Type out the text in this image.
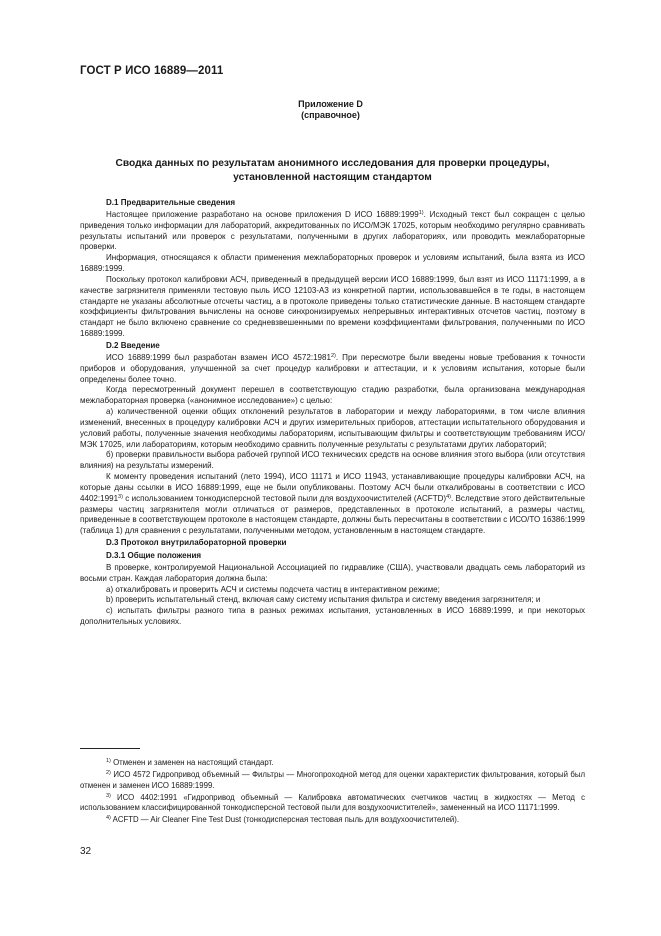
ГОСТ Р ИСО 16889—2011
Приложение D
(справочное)
Сводка данных по результатам анонимного исследования для проверки процедуры,
установленной настоящим стандартом

D.1 Предварительные сведения

Настоящее приложение разработано на основе приложения D ИСО 16889:1999$^{1)}$. Исходный текст был сокращен с целью приведения только информации для лабораторий, аккредитованных по ИСО/МЭК 17025, которым необходимо регулярно сравнивать результаты испытаний или проверок с результатами, полученными в других лабораториях, или проводить межлабораторные проверки.

Информация, относящаяся к области применения межлабораторных проверок и условиям испытаний, была взята из ИСО 16889:1999.

Поскольку протокол калибровки АСЧ, приведенный в предыдущей версии ИСО 16889:1999, был взят из ИСО 11171:1999, а в качестве загрязнителя применяли тестовую пыль ИСО 12103-A3 из конкретной партии, использовавшейся в те годы, в настоящем стандарте не указаны абсолютные отсчеты частиц, а в протоколе приведены только статистические данные. В настоящем стандарте коэффициенты фильтрования вычислены на основе синхронизируемых непрерывных интерактивных отсчетов частиц, поэтому в стандарт не было включено сравнение со средневзвешенными по времени коэффициентами фильтрования, полученными по ИСО 16889:1999.

D.2 Введение

ИСО 16889:1999 был разработан взамен ИСО 4572:1981$^{2)}$. При пересмотре были введены новые требования к точности приборов и оборудования, улучшенной за счет процедур калибровки и аттестации, и к условиям испытания, которые были определены более точно.

Когда пересмотренный документ перешел в соответствующую стадию разработки, была организована международная межлабораторная проверка («анонимное исследование») с целью:

а) количественной оценки общих отклонений результатов в лаборатории и между лабораториями, в том числе влияния изменений, внесенных в процедуру калибровки АСЧ и других измерительных приборов, аттестации испытательного оборудования и условий работы, полученные значения необходимы лабораториям, испытывающим фильтры и соответствующим требованиям ИСО/МЭК 17025, или лабораториям, которым необходимо сравнить полученные результаты с результатами других лабораторий;

б) проверки правильности выбора рабочей группой ИСО технических средств на основе влияния этого выбора (или отсутствия влияния) на результаты измерений.

К моменту проведения испытаний (лето 1994), ИСО 11171 и ИСО 11943, устанавливающие процедуры калибровки АСЧ, на которые даны ссылки в ИСО 16889:1999, еще не были опубликованы. Поэтому АСЧ были откалиброваны в соответствии с ИСО 4402:1991$^{3)}$ с использованием тонкодисперсной тестовой пыли для воздухоочистителей (ACFTD)$^{4)}$. Вследствие этого действительные размеры частиц загрязнителя могли отличаться от размеров, представленных в протоколе испытаний, а размеры частиц, приведенные в соответствующем протоколе в настоящем стандарте, должны быть пересчитаны в соответствии с ИСО/ТО 16386:1999 (таблица 1) для сравнения с результатами, полученными методом, установленным в настоящем стандарте.

D.3 Протокол внутрилабораторной проверки

D.3.1 Общие положения

В проверке, контролируемой Национальной Ассоциацией по гидравлике (США), участвовали двадцать семь лабораторий из восьми стран. Каждая лаборатория должна была:

а) откалибровать и проверить АСЧ и системы подсчета частиц в интерактивном режиме;

b) проверить испытательный стенд, включая саму систему испытания фильтра и систему введения загрязнителя; и

c) испытать фильтры разного типа в разных режимах испытания, установленных в ИСО 16889:1999, и при некоторых дополнительных условиях.

$^{1)}$ Отменен и заменен на настоящий стандарт.

$^{2)}$ ИСО 4572 Гидропривод объемный — Фильтры — Многопроходной метод для оценки характеристик фильтрования, который был отменен и заменен ИСО 16889:1999.

$^{3)}$ ИСО 4402:1991 «Гидропривод объемный — Калибровка автоматических счетчиков частиц в жидкостях — Метод с использованием классифицированной тонкодисперсной тестовой пыли для воздухоочистителей», замененный на ИСО 11171:1999.

$^{4)}$ ACFTD — Air Cleaner Fine Test Dust (тонкодисперсная тестовая пыль для воздухоочистителей).

32
